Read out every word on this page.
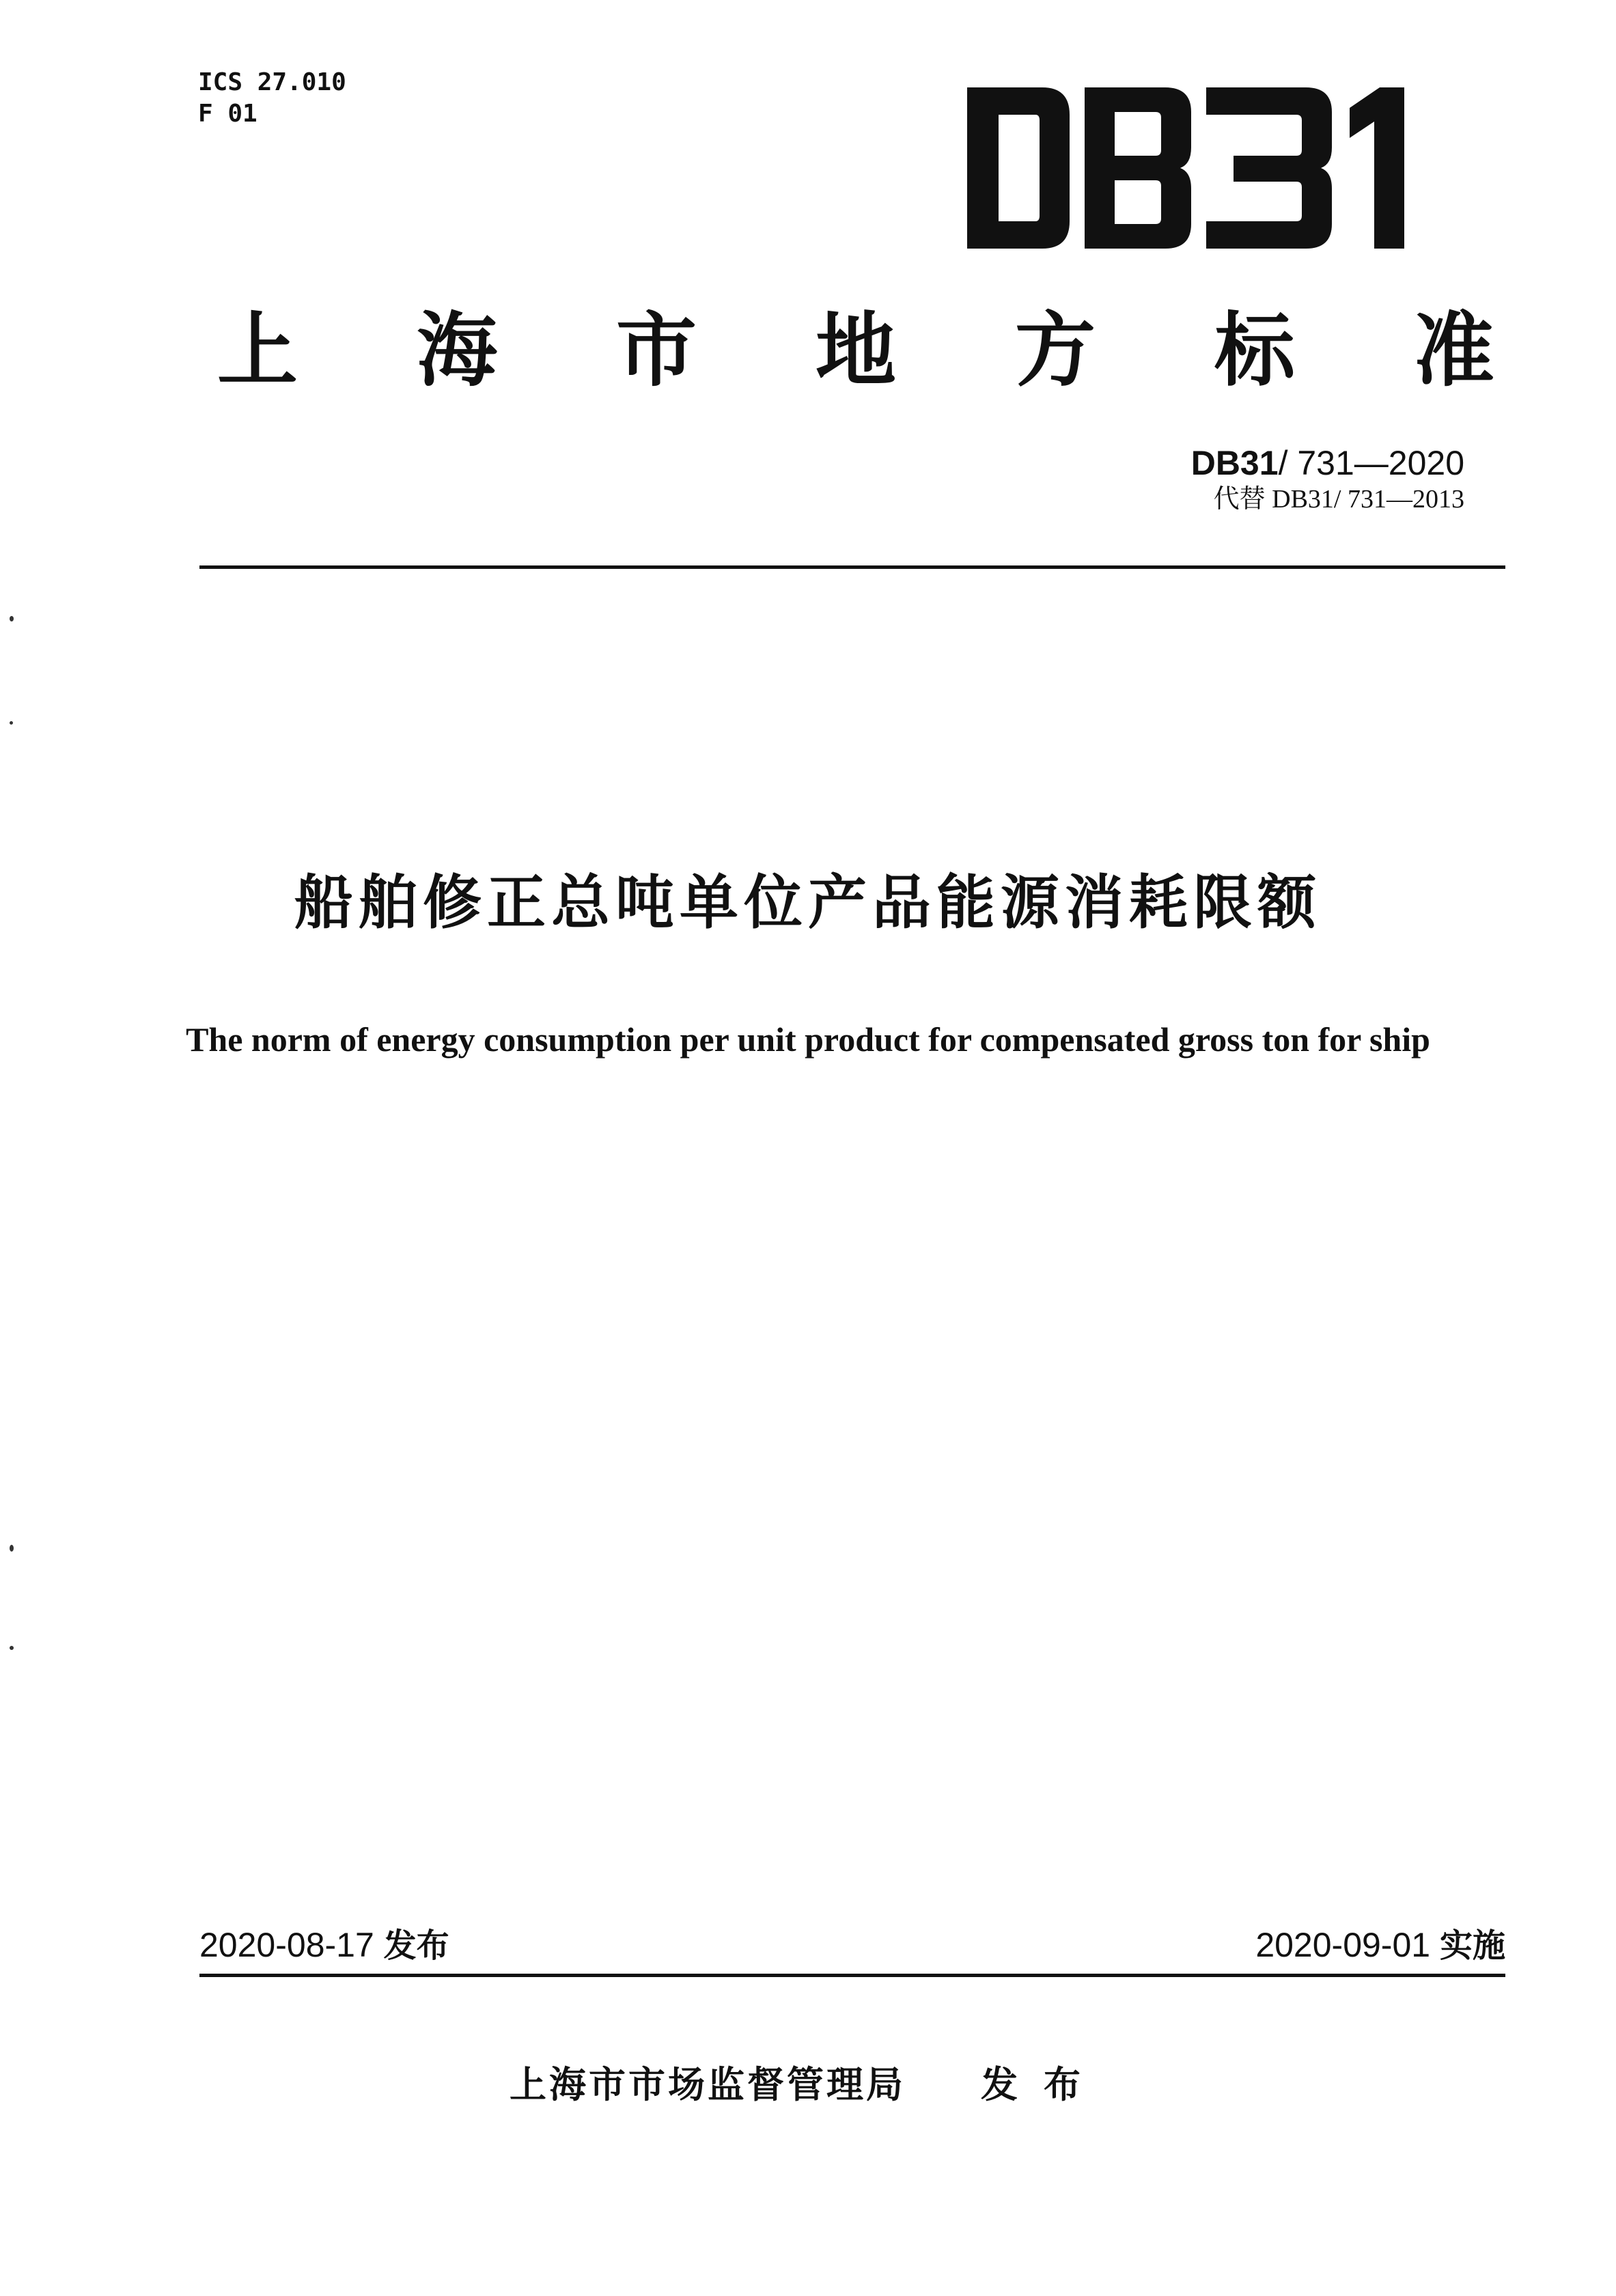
ICS 27.010
F 01
上 海 市 地 方 标 准
DB31/ 731—2020
代替 DB31/ 731—2013
船舶修正总吨单位产品能源消耗限额
The norm of energy consumption per unit product for compensated gross ton for ship
2020-08-17 发布	2020-09-01 实施
上海市市场监督管理局 发布
